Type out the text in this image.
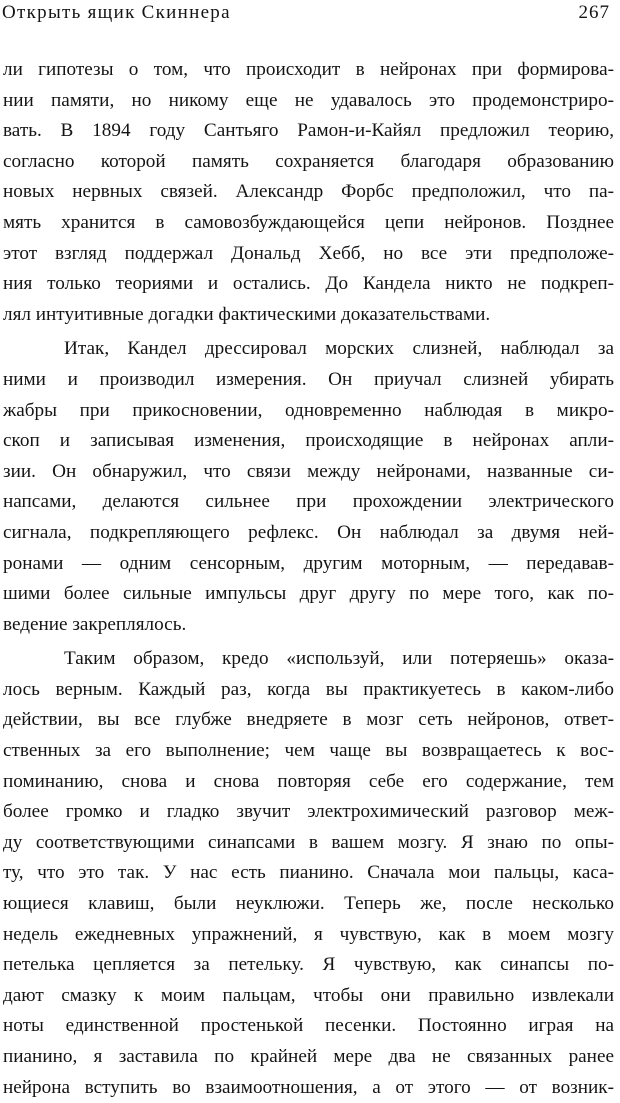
Открыть ящик Скиннера	267
ли гипотезы о том, что происходит в нейронах при формирова-
нии памяти, но никому еще не удавалось это продемонстриро-
вать. В 1894 году Сантьяго Рамон-и-Кайял предложил теорию,
согласно которой память сохраняется благодаря образованию
новых нервных связей. Александр Форбс предположил, что па-
мять хранится в самовозбуждающейся цепи нейронов. Позднее
этот взгляд поддержал Дональд Хебб, но все эти предположе-
ния только теориями и остались. До Кандела никто не подкреп-
лял интуитивные догадки фактическими доказательствами.
Итак, Кандел дрессировал морских слизней, наблюдал за
ними и производил измерения. Он приучал слизней убирать
жабры при прикосновении, одновременно наблюдая в микро-
скоп и записывая изменения, происходящие в нейронах апли-
зии. Он обнаружил, что связи между нейронами, названные си-
напсами, делаются сильнее при прохождении электрического
сигнала, подкрепляющего рефлекс. Он наблюдал за двумя ней-
ронами — одним сенсорным, другим моторным, — передавав-
шими более сильные импульсы друг другу по мере того, как по-
ведение закреплялось.
Таким образом, кредо «используй, или потеряешь» оказа-
лось верным. Каждый раз, когда вы практикуетесь в каком-либо
действии, вы все глубже внедряете в мозг сеть нейронов, ответ-
ственных за его выполнение; чем чаще вы возвращаетесь к вос-
поминанию, снова и снова повторяя себе его содержание, тем
более громко и гладко звучит электрохимический разговор меж-
ду соответствующими синапсами в вашем мозгу. Я знаю по опы-
ту, что это так. У нас есть пианино. Сначала мои пальцы, каса-
ющиеся клавиш, были неуклюжи. Теперь же, после несколько
недель ежедневных упражнений, я чувствую, как в моем мозгу
петелька цепляется за петельку. Я чувствую, как синапсы по-
дают смазку к моим пальцам, чтобы они правильно извлекали
ноты единственной простенькой песенки. Постоянно играя на
пианино, я заставила по крайней мере два не связанных ранее
нейрона вступить во взаимоотношения, а от этого — от возник-
